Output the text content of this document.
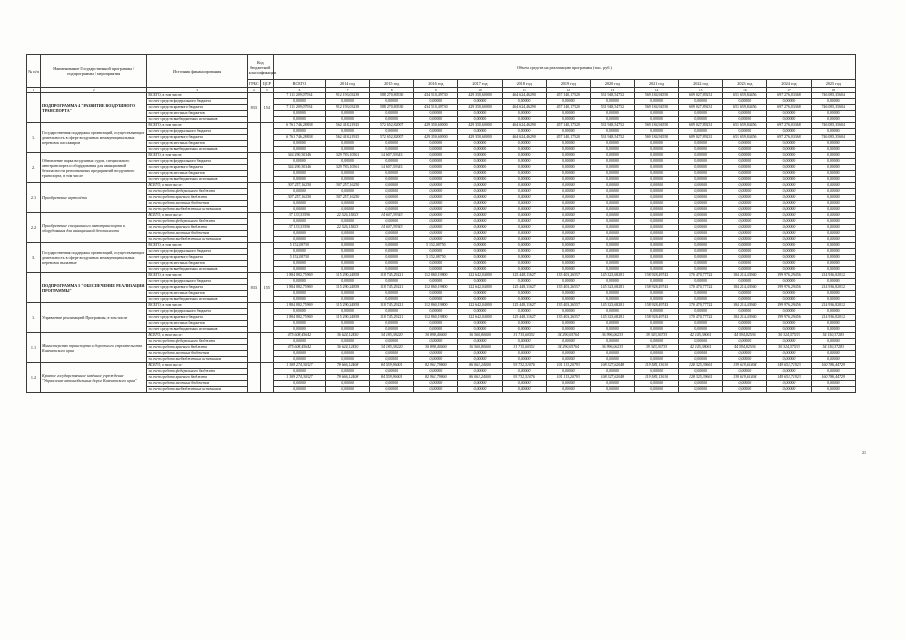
№ п/п	Наименование Государственной программы / подпрограммы / мероприятия	Источник финансирования	Код бюджетной классификации		Объем средств на реализацию программы (тыс. руб.)												
			ГРБС	ЦСР	ВСЕГО	2014 год	2015 год	2016 год	2017 год	2018 год	2019 год	2020 год	2021 год	2022 год	2023 год	2024 год	2025 год
1	2	3	4	5	6	7	8	9	10	11	12	13	14	15	16	17	18
	ПОДПРОГРАММА 4 "РАЗВИТИЕ ВОЗДУШНОГО ТРАНСПОРТА"	ВСЕГО, в том числе:	833	154	7 111 209,07934	912 193,03239	588 270,80530	434 510,49730	429 350,60000	464 624,46290	457 140,17520	531 948,54752	569 184,94550	609 027,89231	651 659,84456	697 276,03368	746 085,35604
		за счет средств федерального бюджета			0,00000	0,00000	0,00000	0,00000	0,00000	0,00000	0,00000	0,00000	0,00000	0,00000	0,00000	0,00000	0,00000
		за счет средств краевого бюджета			7 111 209,07934	912 193,03239	588 270,80530	434 510,49730	429 350,60000	464 624,46290	457 140,17520	531 948,54752	569 184,94550	609 027,89231	651 659,84456	697 276,03368	746 085,35604
		за счет средств местных бюджетов			0,00000	0,00000	0,00000	0,00000	0,00000	0,00000	0,00000	0,00000	0,00000	0,00000	0,00000	0,00000	0,00000
		за счет средств внебюджетных источников			0,00000	0,00000	0,00000	0,00000	0,00000	0,00000	0,00000	0,00000	0,00000	0,00000	0,00000	0,00000	0,00000
1.	Государственная поддержка организаций, осуществляющих деятельность в сфере воздушных межмуниципальных перевозок пассажиров	ВСЕГО, в том числе:			6 761 746,28838	562 418,21925	572 652,82007	429 350,60000	429 350,60000	464 624,46290	457 140,17520	531 948,54752	569 184,94550	609 027,89231	651 659,84456	697 276,03368	746 085,35604
		за счет средств федерального бюджета			0,00000	0,00000	0,00000	0,00000	0,00000	0,00000	0,00000	0,00000	0,00000	0,00000	0,00000	0,00000	0,00000
		за счет средств краевого бюджета			6 761 746,28838	562 418,21925	572 652,82007	429 350,60000	429 350,60000	464 624,46290	457 140,17520	531 948,54752	569 184,94550	609 027,89231	651 659,84456	697 276,03368	746 085,35604
		за счет средств местных бюджетов			0,00000	0,00000	0,00000	0,00000	0,00000	0,00000	0,00000	0,00000	0,00000	0,00000	0,00000	0,00000	0,00000
		за счет средств внебюджетных источников			0,00000	0,00000	0,00000	0,00000	0,00000	0,00000	0,00000	0,00000	0,00000	0,00000	0,00000	0,00000	0,00000
2.	Обновление парка воздушных судов, специального автотранспорта и оборудования для авиационной безопасности региональных предприятий воздушного транспорта, в том числе	ВСЕГО, в том числе:			344 290,50346	329 783,10561	14 607,39343	0,00000	0,00000	0,00000	0,00000	0,00000	0,00000	0,00000	0,00000	0,00000	0,00000
		за счет средств федерального бюджета			0,00000	0,00000	0,00000	0,00000	0,00000	0,00000	0,00000	0,00000	0,00000	0,00000	0,00000	0,00000	0,00000
		за счет средств краевого бюджета			344 290,50346	329 783,10561	14 607,39343	0,00000	0,00000	0,00000	0,00000	0,00000	0,00000	0,00000	0,00000	0,00000	0,00000
		за счет средств местных бюджетов			0,00000	0,00000	0,00000	0,00000	0,00000	0,00000	0,00000	0,00000	0,00000	0,00000	0,00000	0,00000	0,00000
		за счет средств внебюджетных источников			0,00000	0,00000	0,00000	0,00000	0,00000	0,00000	0,00000	0,00000	0,00000	0,00000	0,00000	0,00000	0,00000
2.1	Приобретение вертолёта	ВСЕГО, в том числе:			307 257,16250	307 257,16250	0,00000	0,00000	0,00000	0,00000	0,00000	0,00000	0,00000	0,00000	0,00000	0,00000	0,00000
		за счет средств федерального бюджета			0,00000	0,00000	0,00000	0,00000	0,00000	0,00000	0,00000	0,00000	0,00000	0,00000	0,00000	0,00000	0,00000
		за счет средств краевого бюджета			307 257,16250	307 257,16250	0,00000	0,00000	0,00000	0,00000	0,00000	0,00000	0,00000	0,00000	0,00000	0,00000	0,00000
		за счет средств местных бюджетов			0,00000	0,00000	0,00000	0,00000	0,00000	0,00000	0,00000	0,00000	0,00000	0,00000	0,00000	0,00000	0,00000
		за счет средств внебюджетных источников			0,00000	0,00000	0,00000	0,00000	0,00000	0,00000	0,00000	0,00000	0,00000	0,00000	0,00000	0,00000	0,00000
2.2	Приобретение специального автотранспорта и оборудования для авиационной безопасности	ВСЕГО, в том числе:			37 133,53596	22 526,15823	14 607,39343	0,00000	0,00000	0,00000	0,00000	0,00000	0,00000	0,00000	0,00000	0,00000	0,00000
		за счет средств федерального бюджета			0,00000	0,00000	0,00000	0,00000	0,00000	0,00000	0,00000	0,00000	0,00000	0,00000	0,00000	0,00000	0,00000
		за счет средств краевого бюджета			37 133,53596	22 526,15823	14 607,39343	0,00000	0,00000	0,00000	0,00000	0,00000	0,00000	0,00000	0,00000	0,00000	0,00000
		за счет средств местных бюджетов			0,00000	0,00000	0,00000	0,00000	0,00000	0,00000	0,00000	0,00000	0,00000	0,00000	0,00000	0,00000	0,00000
		за счет средств внебюджетных источников			0,00000	0,00000	0,00000	0,00000	0,00000	0,00000	0,00000	0,00000	0,00000	0,00000	0,00000	0,00000	0,00000
3.	Государственная поддержка организаций, осуществляющих деятельность в сфере воздушных межмуниципальных перевозок вылазные	ВСЕГО, в том числе:			5 152,08750	0,00000	0,00000	5 152,08750	0,00000	0,00000	0,00000	0,00000	0,00000	0,00000	0,00000	0,00000	0,00000
		за счет средств федерального бюджета			0,00000	0,00000	0,00000	0,00000	0,00000	0,00000	0,00000	0,00000	0,00000	0,00000	0,00000	0,00000	0,00000
		за счет средств краевого бюджета			5 152,08750	0,00000	0,00000	5 152,08750	0,00000	0,00000	0,00000	0,00000	0,00000	0,00000	0,00000	0,00000	0,00000
		за счет средств местных бюджетов			0,00000	0,00000	0,00000	0,00000	0,00000	0,00000	0,00000	0,00000	0,00000	0,00000	0,00000	0,00000	0,00000
		за счет средств внебюджетных источников			0,00000	0,00000	0,00000	0,00000	0,00000	0,00000	0,00000	0,00000	0,00000	0,00000	0,00000	0,00000	0,00000
	ПОДПРОГРАММА 5 "ОБЕСПЕЧЕНИЕ РЕАЛИЗАЦИИ ПРОГРАММЫ"	ВСЕГО, в том числе:	833	155	1 884 882,75969	115 290,24858	118 745,29221	112 860,19800	122 642,04000	125 448,11627	135 403,26557	145 323,68281	158 928,49743	170 470,77722	184 214,43940	199 976,29456	214 936,82012
		за счет средств федерального бюджета			0,00000	0,00000	0,00000	0,00000	0,00000	0,00000	0,00000	0,00000	0,00000	0,00000	0,00000	0,00000	0,00000
		за счет средств краевого бюджета			1 884 882,75969	115 290,24858	118 745,29221	112 860,19800	122 642,04000	125 448,11627	135 403,26557	145 323,68281	158 928,49743	170 470,77722	184 214,43940	199 976,29456	214 936,82012
		за счет средств местных бюджетов			0,00000	0,00000	0,00000	0,00000	0,00000	0,00000	0,00000	0,00000	0,00000	0,00000	0,00000	0,00000	0,00000
		за счет средств внебюджетных источников			0,00000	0,00000	0,00000	0,00000	0,00000	0,00000	0,00000	0,00000	0,00000	0,00000	0,00000	0,00000	0,00000
1.	Управление реализацией Программы, в том числе	ВСЕГО, в том числе:			1 884 882,75969	115 290,24858	118 745,29221	112 860,19800	122 642,04000	125 448,11627	135 403,26557	145 323,68281	158 928,49743	170 470,77722	184 214,43940	199 976,29456	214 936,82012
		за счет средств федерального бюджета			0,00000	0,00000	0,00000	0,00000	0,00000	0,00000	0,00000	0,00000	0,00000	0,00000	0,00000	0,00000	0,00000
		за счет средств краевого бюджета			1 884 882,75969	115 290,24858	118 745,29221	112 860,19800	122 642,04000	125 448,11627	135 403,26557	145 323,68281	158 928,49743	170 470,77722	184 214,43940	199 976,29456	214 936,82012
		за счет средств местных бюджетов			0,00000	0,00000	0,00000	0,00000	0,00000	0,00000	0,00000	0,00000	0,00000	0,00000	0,00000	0,00000	0,00000
		за счет средств внебюджетных источников			0,00000	0,00000	0,00000	0,00000	0,00000	0,00000	0,00000	0,00000	0,00000	0,00000	0,00000	0,00000	0,00000
1.1	Министерство транспорта и дорожного строительства Камчатского края	ВСЕГО, в том числе:			475 608,45642	36 624,12450	34 185,38220	30 898,40000	36 560,80000	31 715,60551	34 290,05764	36 996,06233	39 343,36733	42 145,38061	44 594,82536	50 324,57533	54 150,37283
		за счет средств федерального бюджета			0,00000	0,00000	0,00000	0,00000	0,00000	0,00000	0,00000	0,00000	0,00000	0,00000	0,00000	0,00000	0,00000
		за счет средств краевого бюджета			475 608,45642	36 624,12450	34 185,38220	30 898,40000	36 560,80000	31 715,60551	34 290,05764	36 996,06233	39 343,36733	42 145,38061	44 594,82536	50 324,57533	54 150,37283
		за счет средств местных бюджетов			0,00000	0,00000	0,00000	0,00000	0,00000	0,00000	0,00000	0,00000	0,00000	0,00000	0,00000	0,00000	0,00000
		за счет средств внебюджетных источников			0,00000	0,00000	0,00000	0,00000	0,00000	0,00000	0,00000	0,00000	0,00000	0,00000	0,00000	0,00000	0,00000
1.2	Краевое государственное казённое учреждение "Управление автомобильных дорог Камчатского края"	ВСЕГО, в том числе:			1 309 274,30327	78 666,12408	84 559,96001	82 961,79800	86 061,24000	93 732,51076	101 113,20793	108 327,62048	119 585,13010	128 325,39661	139 619,61404	149 651,71923	160 786,44729
		за счет средств федерального бюджета			0,00000	0,00000	0,00000	0,00000	0,00000	0,00000	0,00000	0,00000	0,00000	0,00000	0,00000	0,00000	0,00000
		за счет средств краевого бюджета			1 309 274,30327	78 666,12408	84 559,96001	82 961,79800	86 061,24000	93 732,51076	101 113,20793	108 327,62048	119 585,13010	128 325,39661	139 619,61404	149 651,71923	160 786,44729
		за счет средств местных бюджетов			0,00000	0,00000	0,00000	0,00000	0,00000	0,00000	0,00000	0,00000	0,00000	0,00000	0,00000	0,00000	0,00000
		за счет средств внебюджетных источников			0,00000	0,00000	0,00000	0,00000	0,00000	0,00000	0,00000	0,00000	0,00000	0,00000	0,00000	0,00000	0,00000
21
